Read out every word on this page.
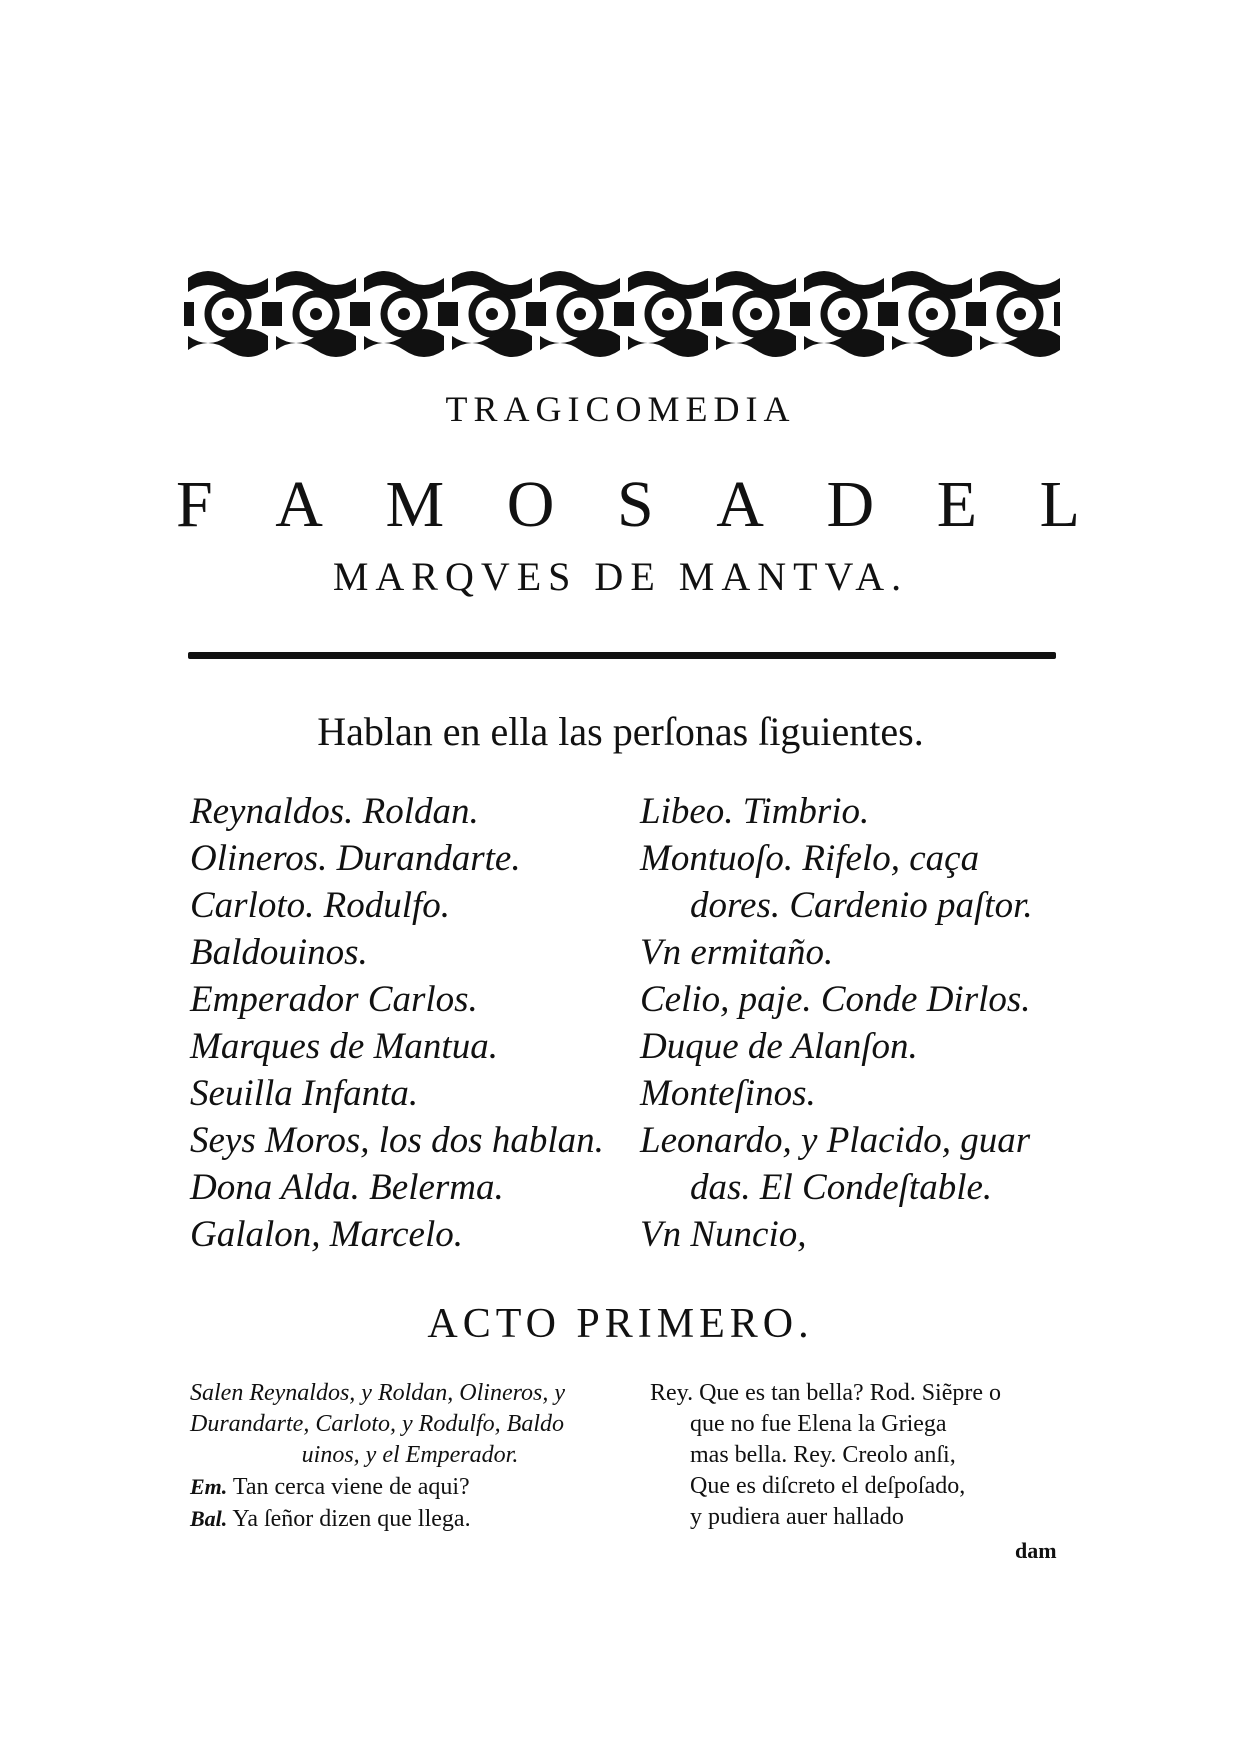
TRAGICOMEDIA
F A M O S A D E L
MARQVES DE MANTVA.
Hablan en ella las perſonas ſiguientes.
Reynaldos. Roldan.
Olineros. Durandarte.
Carloto. Rodulfo.
Baldouinos.
Emperador Carlos.
Marques de Mantua.
Seuilla Infanta.
Seys Moros, los dos hablan.
Dona Alda. Belerma.
Galalon, Marcelo.
Libeo. Timbrio.
Montuoſo. Rifelo, caça
dores. Cardenio paſtor.
Vn ermitaño.
Celio, paje. Conde Dirlos.
Duque de Alanſon.
Monteſinos.
Leonardo, y Placido, guar
das. El Condeſtable.
Vn Nuncio,
ACTO PRIMERO.
Salen Reynaldos, y Roldan, Olineros, y
Durandarte, Carloto, y Rodulfo, Baldo
uinos, y el Emperador.
Em. Tan cerca viene de aqui?
Bal. Ya ſeñor dizen que llega.
Rey. Que es tan bella? Rod. Siẽpre o
que no fue Elena la Griega
mas bella. Rey. Creolo anſi,
Que es diſcreto el deſpoſado,
y pudiera auer hallado
dam
